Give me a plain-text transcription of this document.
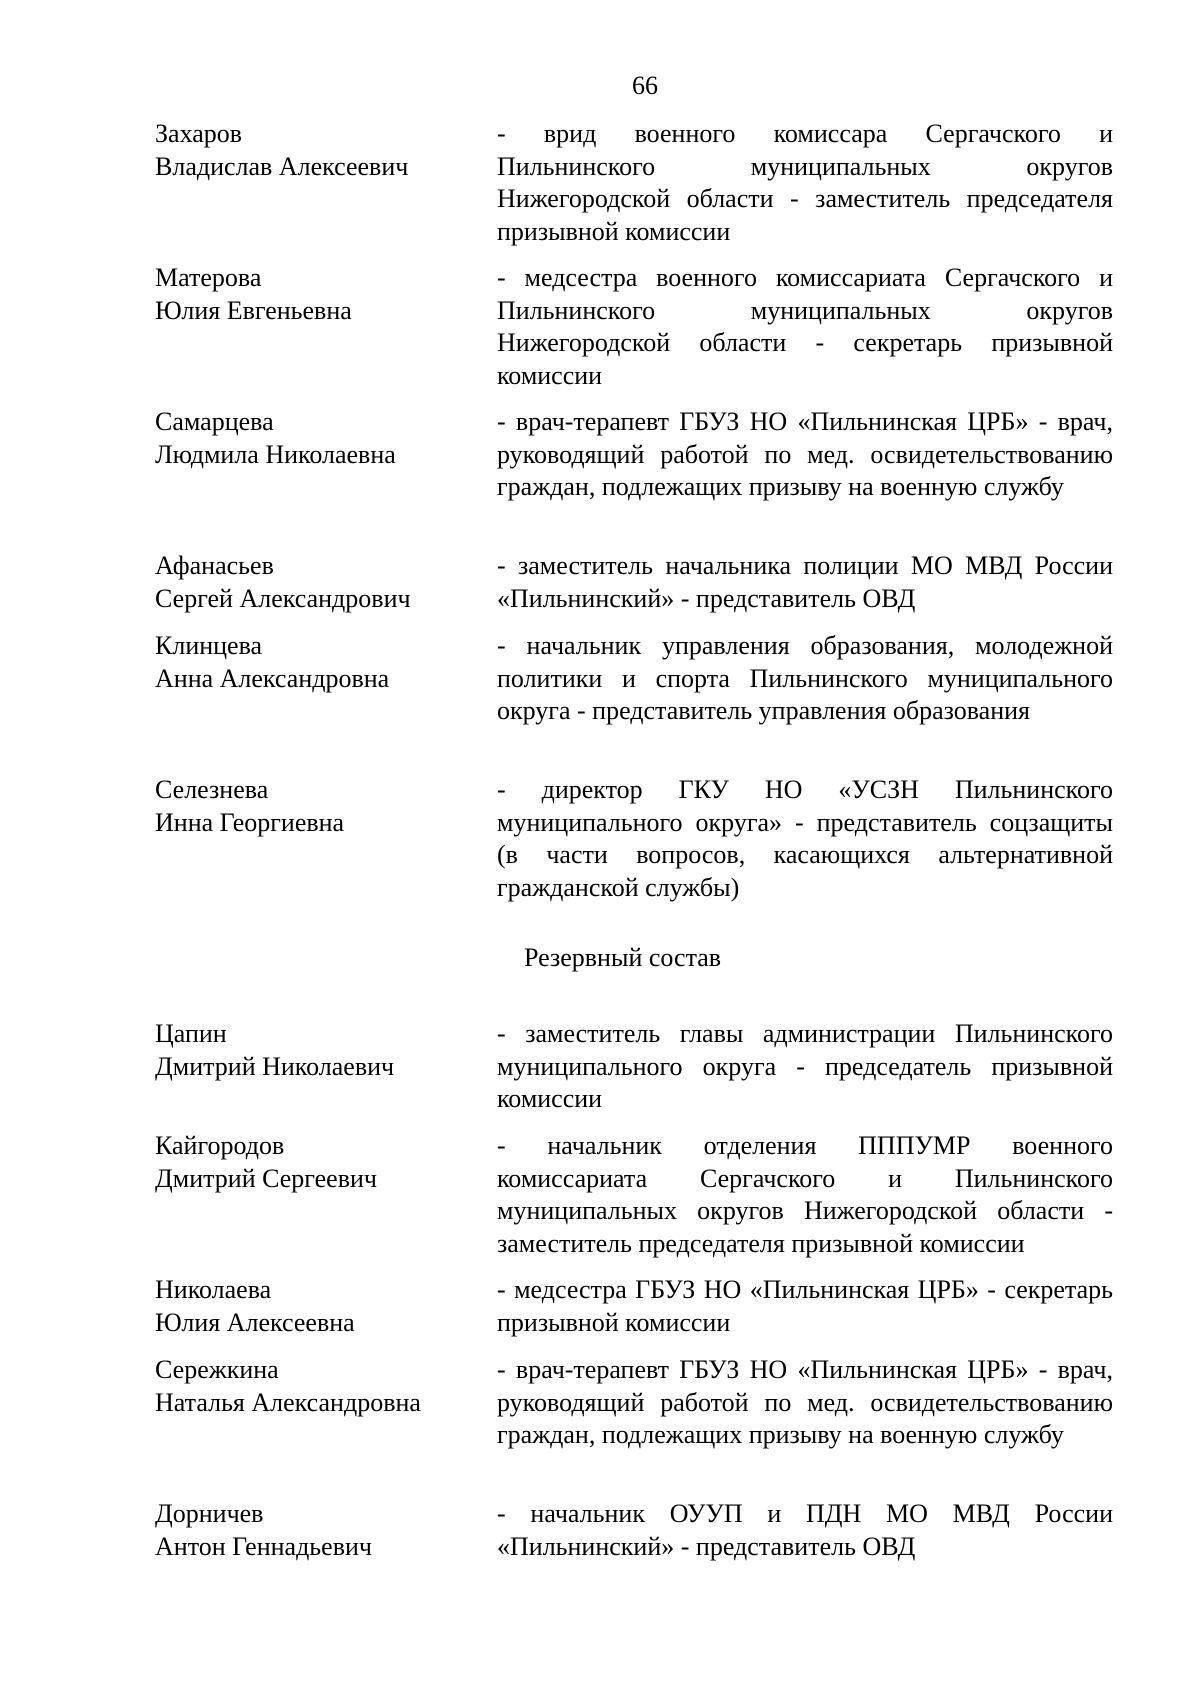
66
Захаров
Владислав Алексеевич
- врид военного комиссара Сергачского и Пильнинского муниципальных округов Нижегородской области - заместитель председателя призывной комиссии
Матерова
Юлия Евгеньевна
- медсестра военного комиссариата Сергачского и Пильнинского муниципальных округов Нижегородской области - секретарь призывной комиссии
Самарцева
Людмила Николаевна
- врач-терапевт ГБУЗ НО «Пильнинская ЦРБ» - врач, руководящий работой по мед. освидетельствованию граждан, подлежащих призыву на военную службу
Афанасьев
Сергей Александрович
- заместитель начальника полиции МО МВД России «Пильнинский» - представитель ОВД
Клинцева
Анна Александровна
- начальник управления образования, молодежной политики и спорта Пильнинского муниципального округа - представитель управления образования
Селезнева
Инна Георгиевна
- директор ГКУ НО «УСЗН Пильнинского муниципального округа» - представитель соцзащиты (в части вопросов, касающихся альтернативной гражданской службы)
Резервный состав
Цапин
Дмитрий Николаевич
- заместитель главы администрации Пильнинского муниципального округа - председатель призывной комиссии
Кайгородов
Дмитрий Сергеевич
- начальник отделения ПППУМР военного комиссариата Сергачского и Пильнинского муниципальных округов Нижегородской области - заместитель председателя призывной комиссии
Николаева
Юлия Алексеевна
- медсестра ГБУЗ НО «Пильнинская ЦРБ» - секретарь призывной комиссии
Сережкина
Наталья Александровна
- врач-терапевт ГБУЗ НО «Пильнинская ЦРБ» - врач, руководящий работой по мед. освидетельствованию граждан, подлежащих призыву на военную службу
Дорничев
Антон Геннадьевич
- начальник ОУУП и ПДН МО МВД России «Пильнинский» - представитель ОВД
